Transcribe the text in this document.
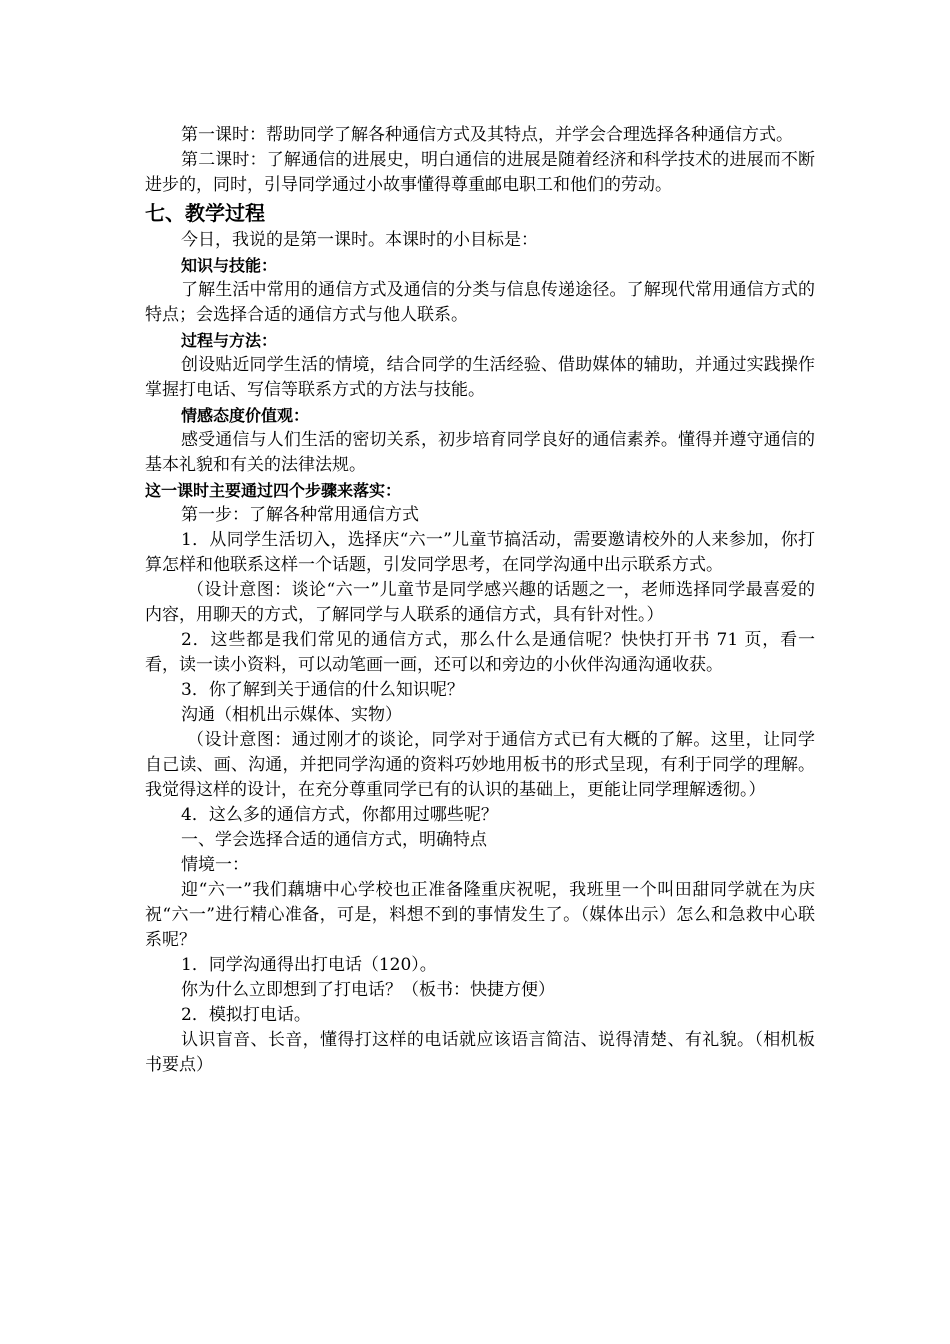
第一课时：帮助同学了解各种通信方式及其特点，并学会合理选择各种通信方式。

第二课时：了解通信的进展史，明白通信的进展是随着经济和科学技术的进展而不断进步的，同时，引导同学通过小故事懂得尊重邮电职工和他们的劳动。

七、教学过程

今日，我说的是第一课时。本课时的小目标是：

知识与技能：

了解生活中常用的通信方式及通信的分类与信息传递途径。了解现代常用通信方式的特点；会选择合适的通信方式与他人联系。

过程与方法：

创设贴近同学生活的情境，结合同学的生活经验、借助媒体的辅助，并通过实践操作掌握打电话、写信等联系方式的方法与技能。

情感态度价值观：

感受通信与人们生活的密切关系，初步培育同学良好的通信素养。懂得并遵守通信的基本礼貌和有关的法律法规。

这一课时主要通过四个步骤来落实：

第一步：了解各种常用通信方式

1．从同学生活切入，选择庆“六一”儿童节搞活动，需要邀请校外的人来参加，你打算怎样和他联系这样一个话题，引发同学思考，在同学沟通中出示联系方式。

（设计意图：谈论“六一”儿童节是同学感兴趣的话题之一，老师选择同学最喜爱的内容，用聊天的方式，了解同学与人联系的通信方式，具有针对性。）

2．这些都是我们常见的通信方式，那么什么是通信呢？快快打开书 71 页，看一看，读一读小资料，可以动笔画一画，还可以和旁边的小伙伴沟通沟通收获。

3．你了解到关于通信的什么知识呢？

沟通（相机出示媒体、实物）

（设计意图：通过刚才的谈论，同学对于通信方式已有大概的了解。这里，让同学自己读、画、沟通，并把同学沟通的资料巧妙地用板书的形式呈现，有利于同学的理解。我觉得这样的设计，在充分尊重同学已有的认识的基础上，更能让同学理解透彻。）

4．这么多的通信方式，你都用过哪些呢？

一、学会选择合适的通信方式，明确特点

情境一：

迎“六一”我们藕塘中心学校也正准备隆重庆祝呢，我班里一个叫田甜同学就在为庆祝“六一”进行精心准备，可是，料想不到的事情发生了。（媒体出示）怎么和急救中心联系呢？

1．同学沟通得出打电话（120）。

你为什么立即想到了打电话？（板书：快捷方便）

2．模拟打电话。

认识盲音、长音，懂得打这样的电话就应该语言简洁、说得清楚、有礼貌。（相机板书要点）
